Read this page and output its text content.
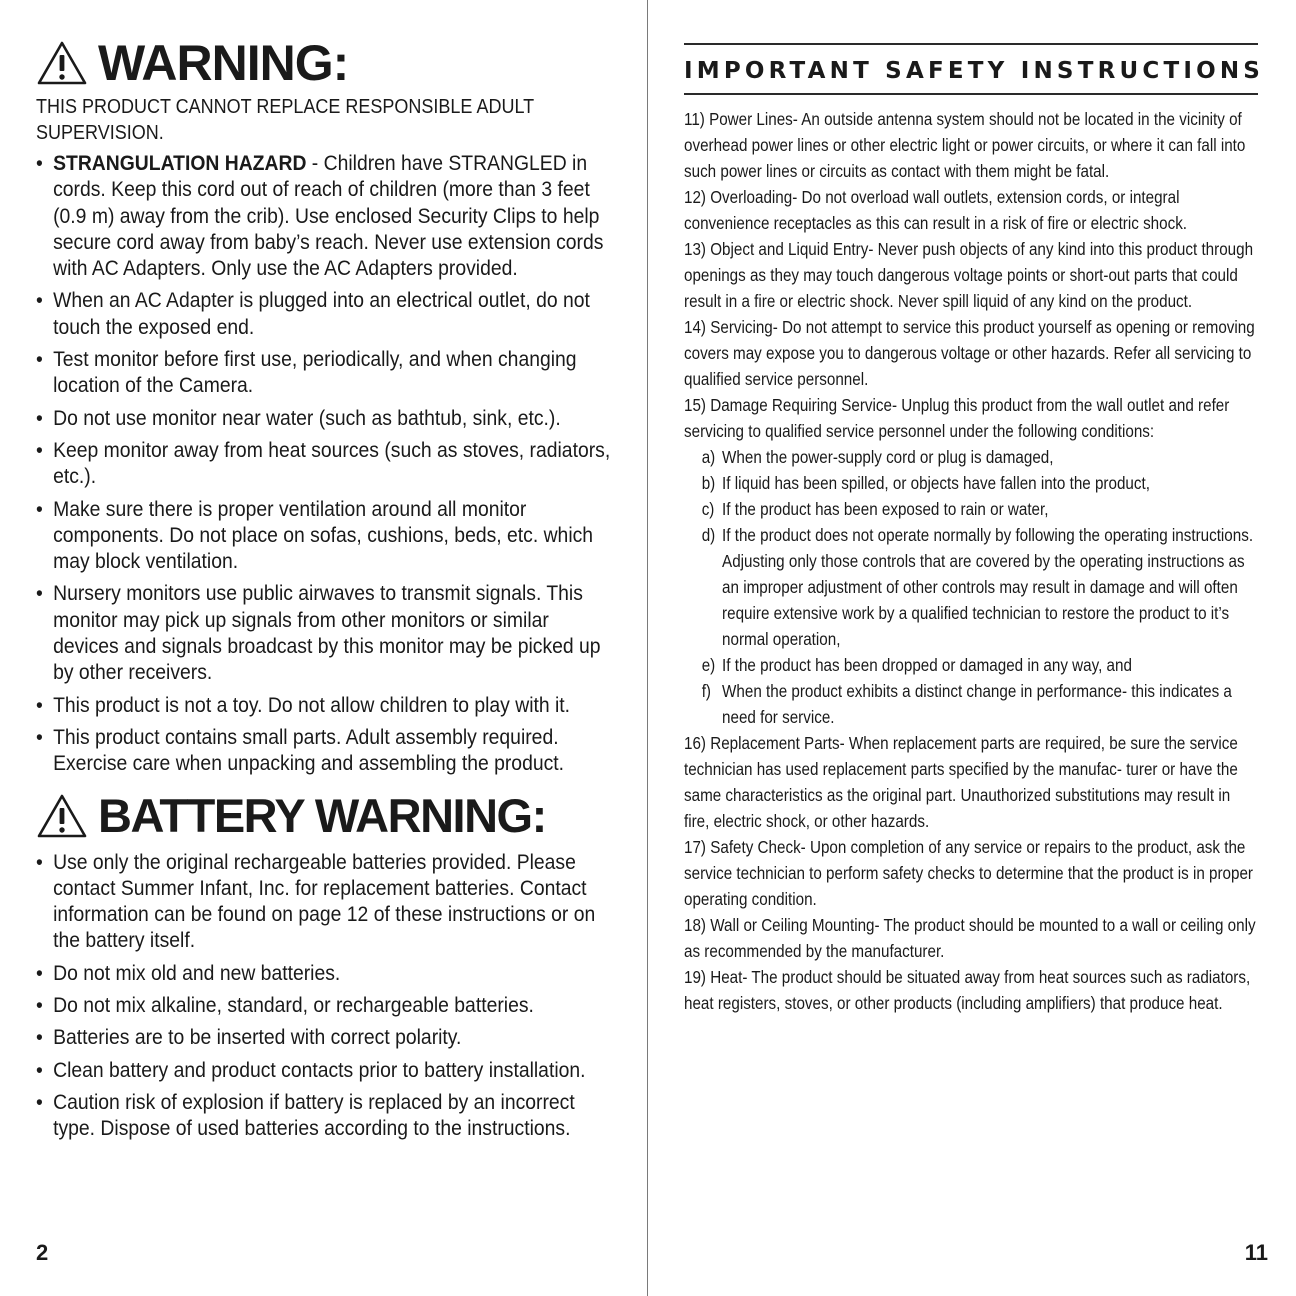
WARNING:
THIS PRODUCT CANNOT REPLACE RESPONSIBLE ADULT SUPERVISION.
• STRANGULATION HAZARD - Children have STRANGLED in cords. Keep this cord out of reach of children (more than 3 feet (0.9 m) away from the crib). Use enclosed Security Clips to help secure cord away from baby’s reach. Never use extension cords with AC Adapters. Only use the AC Adapters provided.
• When an AC Adapter is plugged into an electrical outlet, do not touch the exposed end.
• Test monitor before first use, periodically, and when changing location of the Camera.
• Do not use monitor near water (such as bathtub, sink, etc.).
• Keep monitor away from heat sources (such as stoves, radiators, etc.).
• Make sure there is proper ventilation around all monitor components. Do not place on sofas, cushions, beds, etc. which may block ventilation.
• Nursery monitors use public airwaves to transmit signals. This monitor may pick up signals from other monitors or similar devices and signals broadcast by this monitor may be picked up by other receivers.
• This product is not a toy. Do not allow children to play with it.
• This product contains small parts. Adult assembly required. Exercise care when unpacking and assembling the product.
BATTERY WARNING:
• Use only the original rechargeable batteries provided. Please contact Summer Infant, Inc. for replacement batteries. Contact information can be found on page 12 of these instructions or on the battery itself.
• Do not mix old and new batteries.
• Do not mix alkaline, standard, or rechargeable batteries.
• Batteries are to be inserted with correct polarity.
• Clean battery and product contacts prior to battery installation.
• Caution risk of explosion if battery is replaced by an incorrect type. Dispose of used batteries according to the instructions.
2
IMPORTANT SAFETY INSTRUCTIONS

11) Power Lines- An outside antenna system should not be located in the vicinity of overhead power lines or other electric light or power circuits, or where it can fall into such power lines or circuits as contact with them might be fatal.

12) Overloading- Do not overload wall outlets, extension cords, or integral convenience receptacles as this can result in a risk of fire or electric shock.

13) Object and Liquid Entry- Never push objects of any kind into this product through openings as they may touch dangerous voltage points or short-out parts that could result in a fire or electric shock. Never spill liquid of any kind on the product.

14) Servicing- Do not attempt to service this product yourself as opening or removing covers may expose you to dangerous voltage or other hazards. Refer all servicing to qualified service personnel.

15) Damage Requiring Service- Unplug this product from the wall outlet and refer servicing to qualified service personnel under the following conditions:

a) When the power-supply cord or plug is damaged,
b) If liquid has been spilled, or objects have fallen into the product,
c) If the product has been exposed to rain or water,
d) If the product does not operate normally by following the operating instructions. Adjusting only those controls that are covered by the operating instructions as an improper adjustment of other controls may result in damage and will often require extensive work by a qualified technician to restore the product to it’s normal operation,
e) If the product has been dropped or damaged in any way, and
f) When the product exhibits a distinct change in performance- this indicates a need for service.

16) Replacement Parts- When replacement parts are required, be sure the service technician has used replacement parts specified by the manufac- turer or have the same characteristics as the original part. Unauthorized substitutions may result in fire, electric shock, or other hazards.

17) Safety Check- Upon completion of any service or repairs to the product, ask the service technician to perform safety checks to determine that the product is in proper operating condition.

18) Wall or Ceiling Mounting- The product should be mounted to a wall or ceiling only as recommended by the manufacturer.

19) Heat- The product should be situated away from heat sources such as radiators, heat registers, stoves, or other products (including amplifiers) that produce heat.

11
